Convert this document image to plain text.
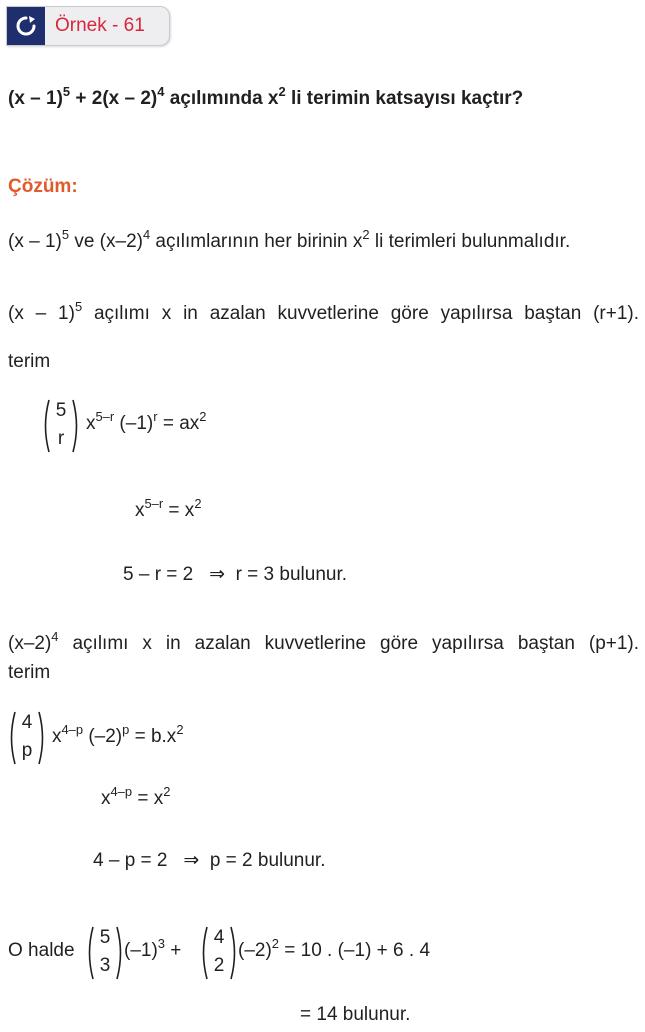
Örnek - 61
(x – 1)$^5$ + 2(x – 2)$^4$ açılımında $x^2$ li terimin katsayısı kaçtır?
Çözüm:
(x – 1)$^5$ ve $(x-2)^4$ açılımlarının her birinin $x^2$ li terimleri bulunmalıdır.
(x – 1)$^5$ açılımı x in azalan kuvvetlerine göre yapılırsa baştan (r+1).
terim
5
r
$x^{5-r}$ $(-1)^r = ax^2$
$x^{5-r} = x^2$
5 – r = 2 ⇒ r = 3 bulunur.
$(x-2)^4$ açılımı x in azalan kuvvetlerine göre yapılırsa baştan (p+1).
terim
4
p
$x^{4-p}$ $(-2)^p = b.x^2$
$x^{4-p} = x^2$
4 – p = 2 ⇒ p = 2 bulunur.
O halde
5
3
$(-1)^3$ +
4
2
$(-2)^2 = 10$ . (–1) + 6 . 4
= 14 bulunur.
